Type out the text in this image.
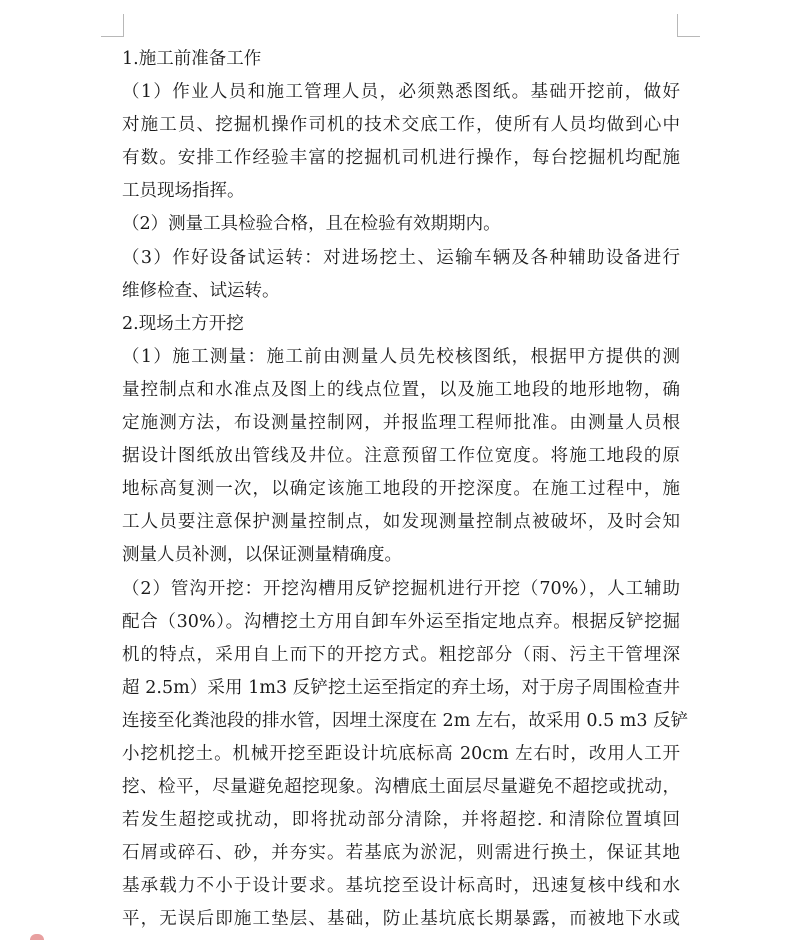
1.施工前准备工作
（1）作业人员和施工管理人员，必须熟悉图纸。基础开挖前，做好
对施工员、挖掘机操作司机的技术交底工作，使所有人员均做到心中
有数。安排工作经验丰富的挖掘机司机进行操作，每台挖掘机均配施
工员现场指挥。
（2）测量工具检验合格，且在检验有效期期内。
（3）作好设备试运转：对进场挖土、运输车辆及各种辅助设备进行
维修检查、试运转。
2.现场土方开挖
（1）施工测量：施工前由测量人员先校核图纸，根据甲方提供的测
量控制点和水准点及图上的线点位置，以及施工地段的地形地物，确
定施测方法，布设测量控制网，并报监理工程师批准。由测量人员根
据设计图纸放出管线及井位。注意预留工作位宽度。将施工地段的原
地标高复测一次，以确定该施工地段的开挖深度。在施工过程中，施
工人员要注意保护测量控制点，如发现测量控制点被破坏，及时会知
测量人员补测，以保证测量精确度。
（2）管沟开挖：开挖沟槽用反铲挖掘机进行开挖（70%），人工辅助
配合（30%）。沟槽挖土方用自卸车外运至指定地点弃。根据反铲挖掘
机的特点，采用自上而下的开挖方式。粗挖部分（雨、污主干管埋深
超 2.5m）采用 1m3 反铲挖土运至指定的弃土场，对于房子周围检查井
连接至化粪池段的排水管，因埋土深度在 2m 左右，故采用 0.5 m3 反铲
小挖机挖土。机械开挖至距设计坑底标高 20cm 左右时，改用人工开
挖、检平，尽量避免超挖现象。沟槽底土面层尽量避免不超挖或扰动，
若发生超挖或扰动，即将扰动部分清除，并将超挖. 和清除位置填回
石屑或碎石、砂，并夯实。若基底为淤泥，则需进行换土，保证其地
基承载力不小于设计要求。基坑挖至设计标高时，迅速复核中线和水
平，无误后即施工垫层、基础，防止基坑底长期暴露，而被地下水或
